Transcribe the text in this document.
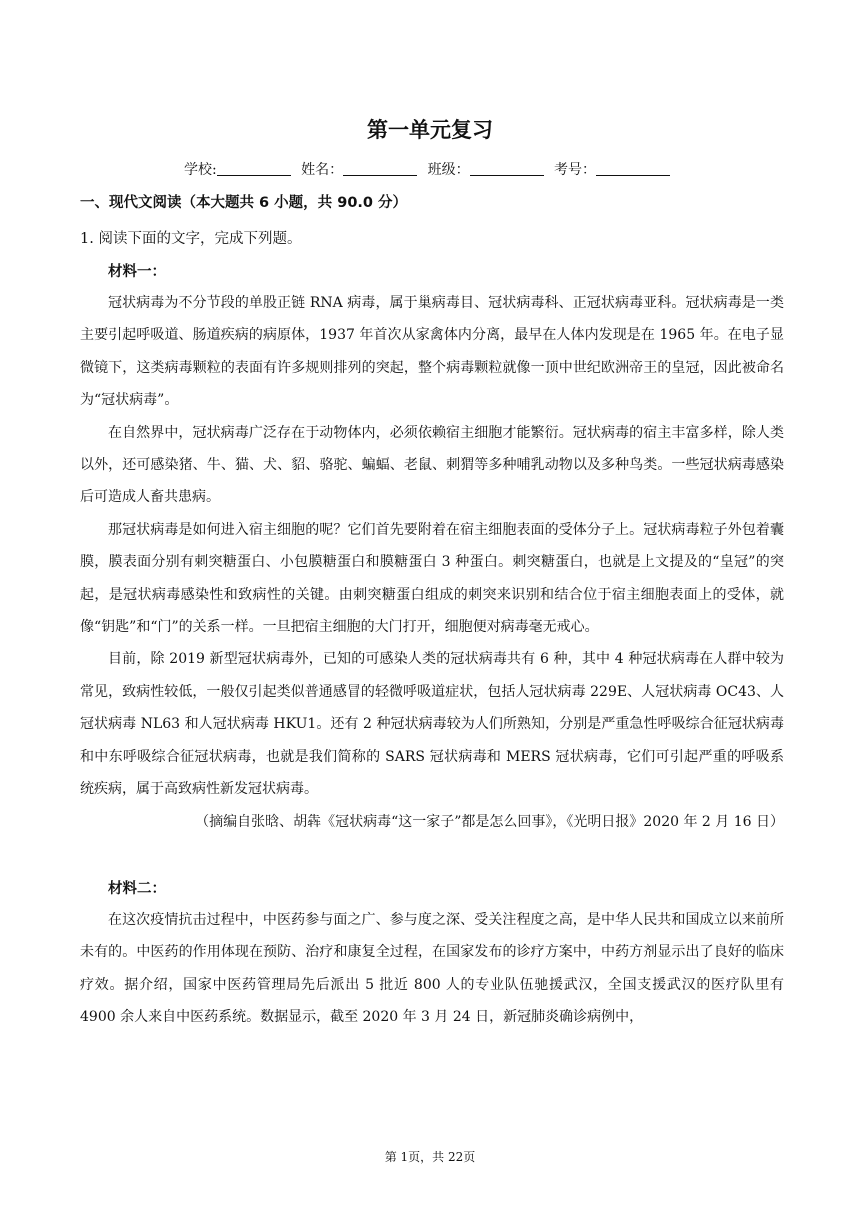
第一单元复习
学校:	姓名：	班级：	考号：
一、现代文阅读（本大题共 6 小题，共 90.0 分）
1. 阅读下面的文字，完成下列题。
材料一：

冠状病毒为不分节段的单股正链 RNA 病毒，属于巢病毒目、冠状病毒科、正冠状病毒亚科。冠状病毒是一类主要引起呼吸道、肠道疾病的病原体，1937 年首次从家禽体内分离，最早在人体内发现是在 1965 年。在电子显微镜下，这类病毒颗粒的表面有许多规则排列的突起，整个病毒颗粒就像一顶中世纪欧洲帝王的皇冠，因此被命名为“冠状病毒”。

在自然界中，冠状病毒广泛存在于动物体内，必须依赖宿主细胞才能繁衍。冠状病毒的宿主丰富多样，除人类以外，还可感染猪、牛、猫、犬、貂、骆驼、蝙蝠、老鼠、刺猬等多种哺乳动物以及多种鸟类。一些冠状病毒感染后可造成人畜共患病。

那冠状病毒是如何进入宿主细胞的呢？它们首先要附着在宿主细胞表面的受体分子上。冠状病毒粒子外包着囊膜，膜表面分别有刺突糖蛋白、小包膜糖蛋白和膜糖蛋白 3 种蛋白。刺突糖蛋白，也就是上文提及的“皇冠”的突起，是冠状病毒感染性和致病性的关键。由刺突糖蛋白组成的刺突来识别和结合位于宿主细胞表面上的受体，就像“钥匙”和“门”的关系一样。一旦把宿主细胞的大门打开，细胞便对病毒毫无戒心。

目前，除 2019 新型冠状病毒外，已知的可感染人类的冠状病毒共有 6 种，其中 4 种冠状病毒在人群中较为常见，致病性较低，一般仅引起类似普通感冒的轻微呼吸道症状，包括人冠状病毒 229E、人冠状病毒 OC43、人冠状病毒 NL63 和人冠状病毒 HKU1。还有 2 种冠状病毒较为人们所熟知，分别是严重急性呼吸综合征冠状病毒和中东呼吸综合征冠状病毒，也就是我们简称的 SARS 冠状病毒和 MERS 冠状病毒，它们可引起严重的呼吸系统疾病，属于高致病性新发冠状病毒。

（摘编自张晗、胡犇《冠状病毒“这一家子”都是怎么回事》，《光明日报》2020 年 2 月 16 日）

材料二：

在这次疫情抗击过程中，中医药参与面之广、参与度之深、受关注程度之高，是中华人民共和国成立以来前所未有的。中医药的作用体现在预防、治疗和康复全过程，在国家发布的诊疗方案中，中药方剂显示出了良好的临床疗效。据介绍，国家中医药管理局先后派出 5 批近 800 人的专业队伍驰援武汉，全国支援武汉的医疗队里有 4900 余人来自中医药系统。数据显示，截至 2020 年 3 月 24 日，新冠肺炎确诊病例中，

第 1页，共 22页
